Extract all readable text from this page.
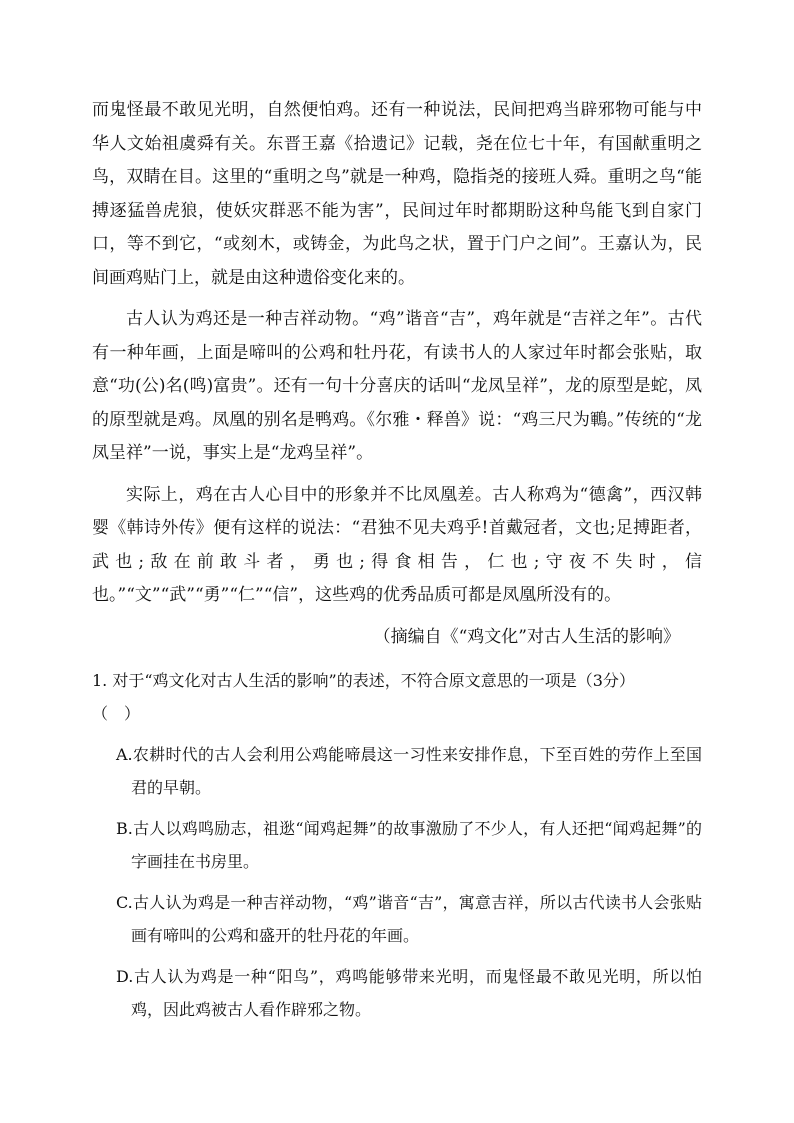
而鬼怪最不敢见光明，自然便怕鸡。还有一种说法，民间把鸡当辟邪物可能与中华人文始祖虞舜有关。东晋王嘉《拾遗记》记载，尧在位七十年，有国献重明之鸟，双睛在目。这里的“重明之鸟”就是一种鸡，隐指尧的接班人舜。重明之鸟“能搏逐猛兽虎狼，使妖灾群恶不能为害”，民间过年时都期盼这种鸟能飞到自家门口，等不到它，“或刻木，或铸金，为此鸟之状，置于门户之间”。王嘉认为，民间画鸡贴门上，就是由这种遗俗变化来的。

古人认为鸡还是一种吉祥动物。“鸡”谐音“吉”，鸡年就是“吉祥之年”。古代有一种年画，上面是啼叫的公鸡和牡丹花，有读书人的人家过年时都会张贴，取意“功(公)名(鸣)富贵”。还有一句十分喜庆的话叫“龙凤呈祥”，龙的原型是蛇，凤的原型就是鸡。凤凰的别名是鸭鸡。《尔雅・释兽》说：“鸡三尺为鶤。”传统的“龙凤呈祥”一说，事实上是“龙鸡呈祥”。

实际上，鸡在古人心目中的形象并不比凤凰差。古人称鸡为“德禽”，西汉韩婴《韩诗外传》便有这样的说法：“君独不见夫鸡乎!首戴冠者，文也;足搏距者，武也;敌在前敢斗者，勇也;得食相告，仁也;守夜不失时，信也。”“文”“武”“勇”“仁”“信”，这些鸡的优秀品质可都是凤凰所没有的。

（摘编自《“鸡文化”对古人生活的影响》

1. 对于“鸡文化对古人生活的影响”的表述，不符合原文意思的一项是（3分）
（　）
A.农耕时代的古人会利用公鸡能啼晨这一习性来安排作息，下至百姓的劳作上至国君的早朝。
B.古人以鸡鸣励志，祖逖“闻鸡起舞”的故事激励了不少人，有人还把“闻鸡起舞”的字画挂在书房里。
C.古人认为鸡是一种吉祥动物，“鸡”谐音“吉”，寓意吉祥，所以古代读书人会张贴画有啼叫的公鸡和盛开的牡丹花的年画。
D.古人认为鸡是一种“阳鸟”，鸡鸣能够带来光明，而鬼怪最不敢见光明，所以怕鸡，因此鸡被古人看作辟邪之物。
